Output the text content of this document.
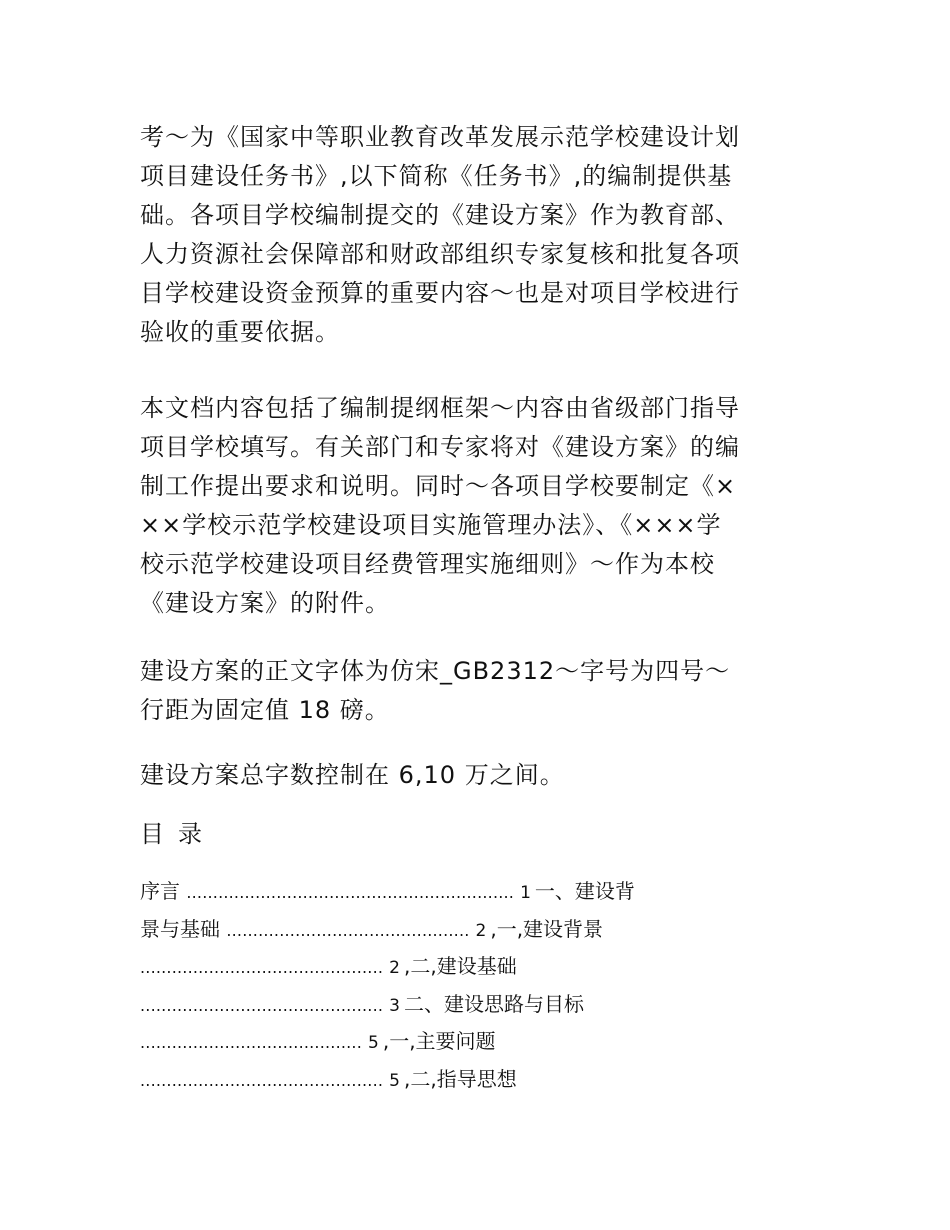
考～为《国家中等职业教育改革发展示范学校建设计划
项目建设任务书》,以下简称《任务书》,的编制提供基
础。各项目学校编制提交的《建设方案》作为教育部、
人力资源社会保障部和财政部组织专家复核和批复各项
目学校建设资金预算的重要内容～也是对项目学校进行
验收的重要依据。

本文档内容包括了编制提纲框架～内容由省级部门指导
项目学校填写。有关部门和专家将对《建设方案》的编
制工作提出要求和说明。同时～各项目学校要制定《×
××学校示范学校建设项目实施管理办法》、《×××学
校示范学校建设项目经费管理实施细则》～作为本校
《建设方案》的附件。

建设方案的正文字体为仿宋_GB2312～字号为四号～
行距为固定值 18 磅。

建设方案总字数控制在 6,10 万之间。

目录
序言 .............................................................. 1 一、建设背
景与基础 .............................................. 2 ,一,建设背景
.............................................. 2 ,二,建设基础
.............................................. 3 二、建设思路与目标
.......................................... 5 ,一,主要问题
.............................................. 5 ,二,指导思想
